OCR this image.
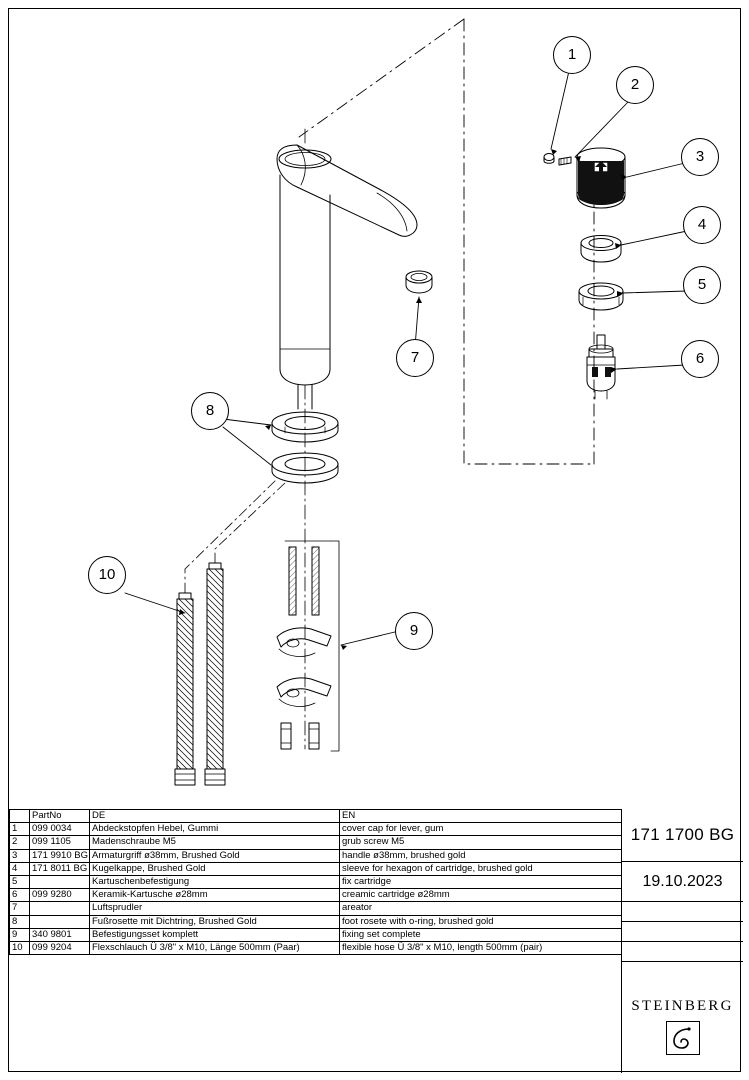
1
2
3
4
5
6
7
8
9
10
	PartNo	DE	EN
1	099 0034	Abdeckstopfen Hebel, Gummi	cover cap for lever, gum
2	099 1105	Madenschraube M5	grub screw M5
3	171 9910 BG	Armaturgriff ø38mm, Brushed Gold	handle ø38mm, brushed gold
4	171 8011 BG	Kugelkappe, Brushed Gold	sleeve for hexagon of cartridge, brushed gold
5		Kartuschenbefestigung	fix cartridge
6	099 9280	Keramik-Kartusche ø28mm	creamic cartridge ø28mm
7		Luftsprudler	areator
8		Fußrosette mit Dichtring, Brushed Gold	foot rosete with o-ring, brushed gold
9	340 9801	Befestigungsset komplett	fixing set complete
10	099 9204	Flexschlauch Ü 3/8" x M10, Länge 500mm (Paar)	flexible hose Ü 3/8" x M10, length 500mm (pair)
171 1700 BG
19.10.2023
STEINBERG
